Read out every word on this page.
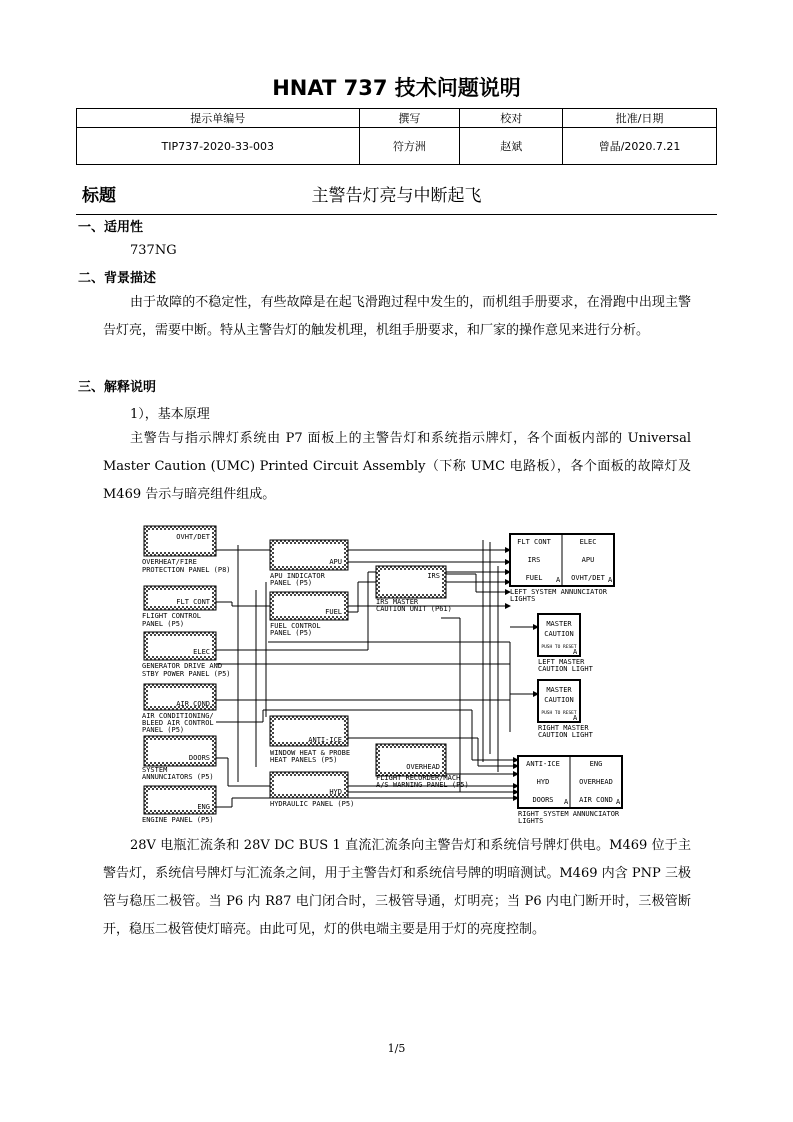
HNAT 737 技术问题说明
提示单编号	撰写	校对	批准/日期
TIP737-2020-33-003	符方洲	赵斌	曾晶/2020.7.21
标题	主警告灯亮与中断起飞
一、适用性
737NG
二、背景描述
由于故障的不稳定性，有些故障是在起飞滑跑过程中发生的，而机组手册要求，在滑跑中出现主警告灯亮，需要中断。特从主警告灯的触发机理，机组手册要求，和厂家的操作意见来进行分析。
三、解释说明
1），基本原理
主警告与指示牌灯系统由 P7 面板上的主警告灯和系统指示牌灯，各个面板内部的 Universal Master Caution (UMC) Printed Circuit Assembly（下称 UMC 电路板），各个面板的故障灯及 M469 告示与暗亮组件组成。
OVHT/DET
OVERHEAT/FIRE
PROTECTION PANEL (P8)
FLT CONT
FLIGHT CONTROL
PANEL (P5)
ELEC
GENERATOR DRIVE AND
STBY POWER PANEL (P5)
AIR COND
AIR CONDITIONING/
BLEED AIR CONTROL
PANEL (P5)
DOORS
SYSTEM
ANNUNCIATORS (P5)
ENG
ENGINE PANEL (P5)
APU
APU INDICATOR
PANEL (P5)
FUEL
FUEL CONTROL
PANEL (P5)
ANTI-ICE
WINDOW HEAT & PROBE
HEAT PANELS (P5)
HYD
HYDRAULIC PANEL (P5)
IRS
IRS MASTER
CAUTION UNIT (P61)
OVERHEAD
FLIGHT RECORDER/MACH
A/S WARNING PANEL (P5)
FLT CONT	ELEC
IRS	APU
FUEL	OVHT/DET
A	A
LEFT SYSTEM ANNUNCIATOR
LIGHTS
MASTER
CAUTION
PUSH TO RESET
A
LEFT MASTER
CAUTION LIGHT
MASTER
CAUTION
PUSH TO RESET
A
RIGHT MASTER
CAUTION LIGHT
ANTI-ICE	ENG
HYD	OVERHEAD
DOORS	AIR COND
A	A
RIGHT SYSTEM ANNUNCIATOR
LIGHTS
28V 电瓶汇流条和 28V DC BUS 1 直流汇流条向主警告灯和系统信号牌灯供电。M469 位于主警告灯，系统信号牌灯与汇流条之间，用于主警告灯和系统信号牌的明暗测试。M469 内含 PNP 三极管与稳压二极管。当 P6 内 R87 电门闭合时，三极管导通，灯明亮；当 P6 内电门断开时，三极管断开，稳压二极管使灯暗亮。由此可见，灯的供电端主要是用于灯的亮度控制。
1/5
